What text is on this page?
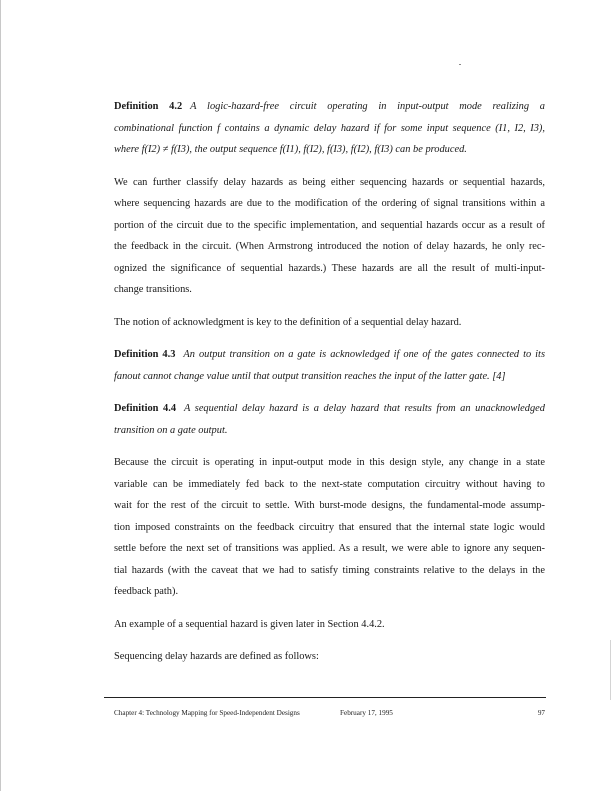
Definition 4.2 A logic-hazard-free circuit operating in input-output mode realizing a
combinational function f contains a dynamic delay hazard if for some input sequence (I1, I2, I3),
where f(I2) ≠ f(I3), the output sequence f(I1), f(I2), f(I3), f(I2), f(I3) can be produced.
We can further classify delay hazards as being either sequencing hazards or sequential hazards,
where sequencing hazards are due to the modification of the ordering of signal transitions within a
portion of the circuit due to the specific implementation, and sequential hazards occur as a result of
the feedback in the circuit. (When Armstrong introduced the notion of delay hazards, he only rec-
ognized the significance of sequential hazards.) These hazards are all the result of multi-input-
change transitions.
The notion of acknowledgment is key to the definition of a sequential delay hazard.
Definition 4.3 An output transition on a gate is acknowledged if one of the gates connected to its
fanout cannot change value until that output transition reaches the input of the latter gate. [4]
Definition 4.4 A sequential delay hazard is a delay hazard that results from an unacknowledged
transition on a gate output.
Because the circuit is operating in input-output mode in this design style, any change in a state
variable can be immediately fed back to the next-state computation circuitry without having to
wait for the rest of the circuit to settle. With burst-mode designs, the fundamental-mode assump-
tion imposed constraints on the feedback circuitry that ensured that the internal state logic would
settle before the next set of transitions was applied. As a result, we were able to ignore any sequen-
tial hazards (with the caveat that we had to satisfy timing constraints relative to the delays in the
feedback path).
An example of a sequential hazard is given later in Section 4.4.2.
Sequencing delay hazards are defined as follows:
Chapter 4: Technology Mapping for Speed-Independent Designs	February 17, 1995	97
